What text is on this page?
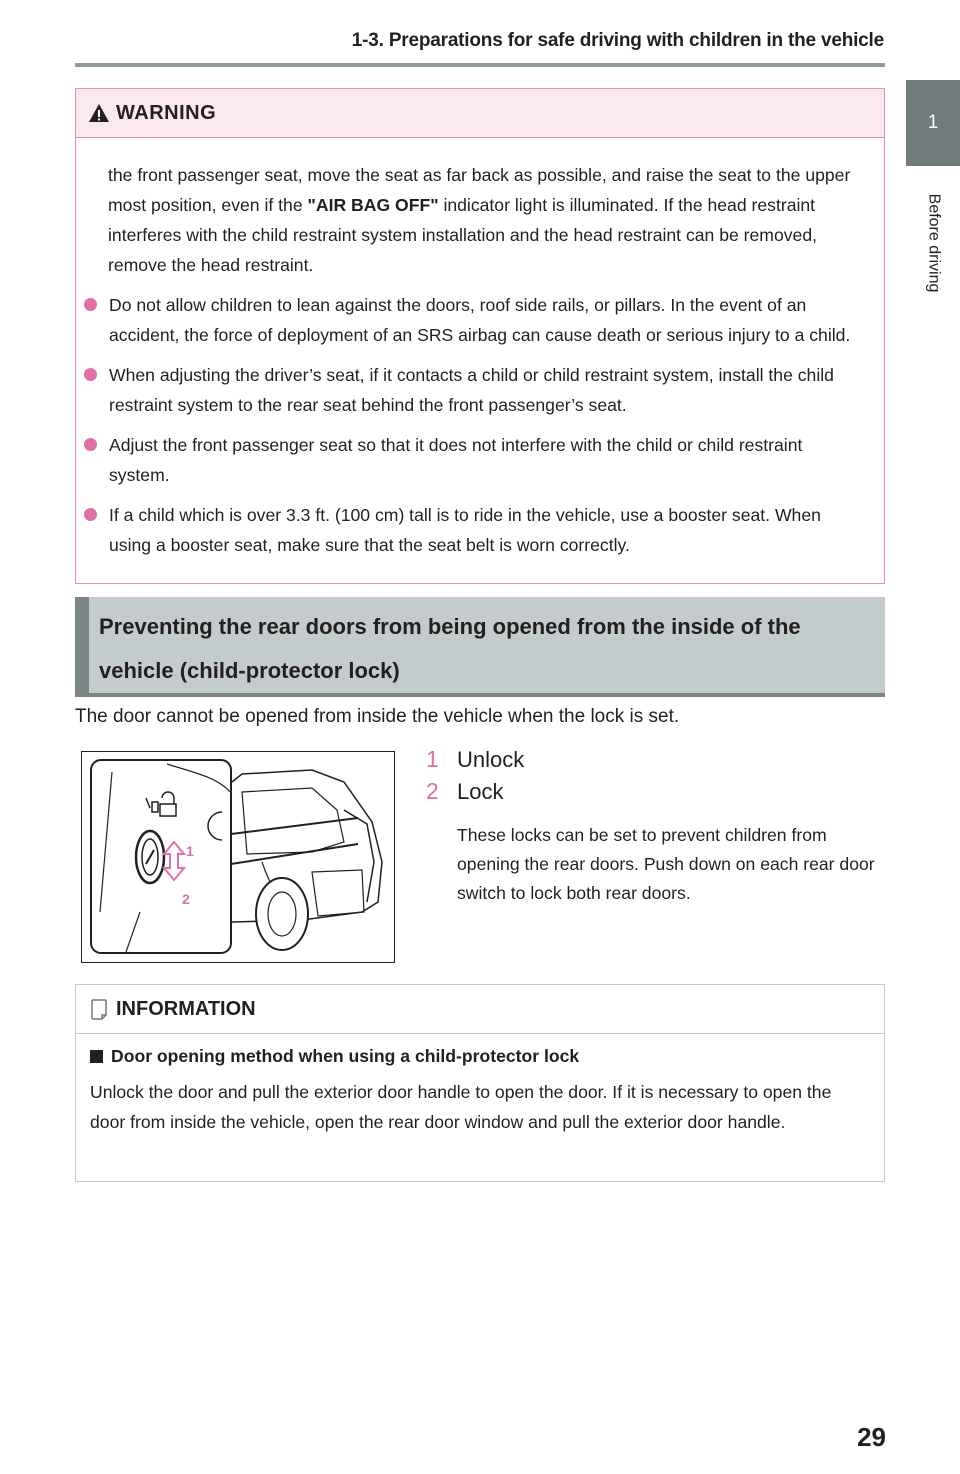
1-3. Preparations for safe driving with children in the vehicle
1
Before driving
WARNING

the front passenger seat, move the seat as far back as possible, and raise the seat to the upper most position, even if the "AIR BAG OFF" indicator light is illuminated. If the head restraint interferes with the child restraint system installation and the head restraint can be removed, remove the head restraint.

Do not allow children to lean against the doors, roof side rails, or pillars. In the event of an accident, the force of deployment of an SRS airbag can cause death or serious injury to a child.
When adjusting the driver’s seat, if it contacts a child or child restraint system, install the child restraint system to the rear seat behind the front passenger’s seat.
Adjust the front passenger seat so that it does not interfere with the child or child restraint system.
If a child which is over 3.3 ft. (100 cm) tall is to ride in the vehicle, use a booster seat. When using a booster seat, make sure that the seat belt is worn correctly.
Preventing the rear doors from being opened from the inside of the vehicle (child-protector lock)
The door cannot be opened from inside the vehicle when the lock is set.
1
2
1 Unlock
2 Lock
These locks can be set to prevent children from opening the rear doors. Push down on each rear door switch to lock both rear doors.
INFORMATION
Door opening method when using a child-protector lock
Unlock the door and pull the exterior door handle to open the door. If it is necessary to open the door from inside the vehicle, open the rear door window and pull the exterior door handle.
29
